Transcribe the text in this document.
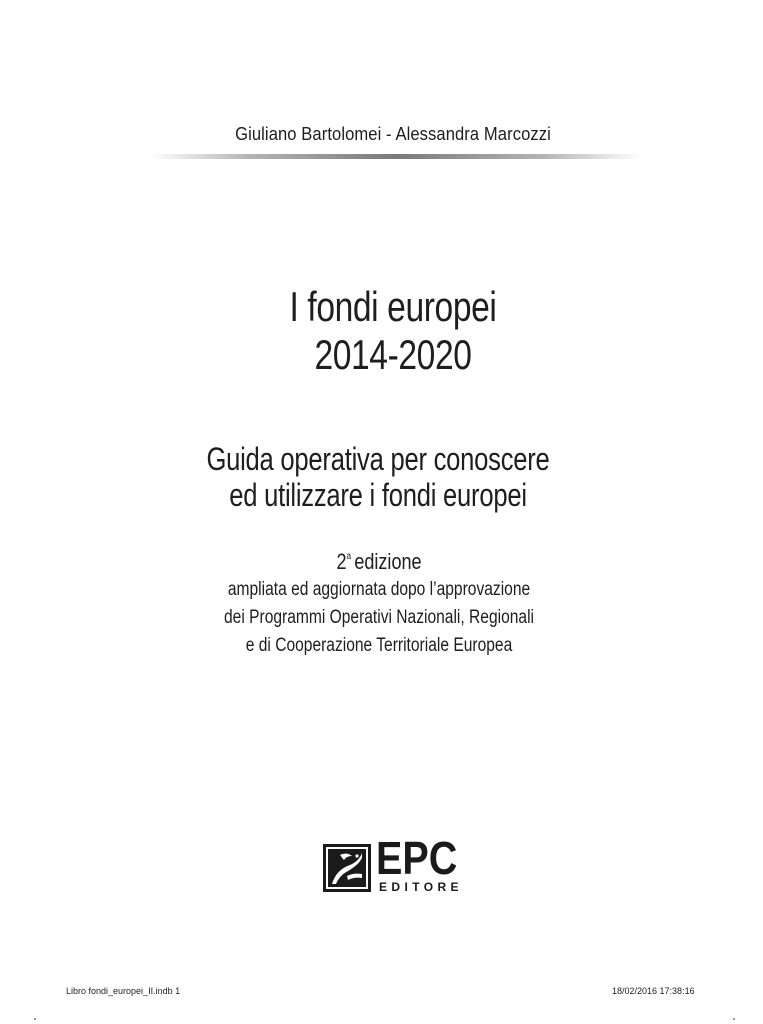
Giuliano Bartolomei - Alessandra Marcozzi
I fondi europei
2014-2020
Guida operativa per conoscere
ed utilizzare i fondi europei
2$^a$ edizione
ampliata ed aggiornata dopo l’approvazione
dei Programmi Operativi Nazionali, Regionali
e di Cooperazione Territoriale Europea
EPC
EDITORE
Libro fondi_europei_II.indb 1	18/02/2016 17:38:16
